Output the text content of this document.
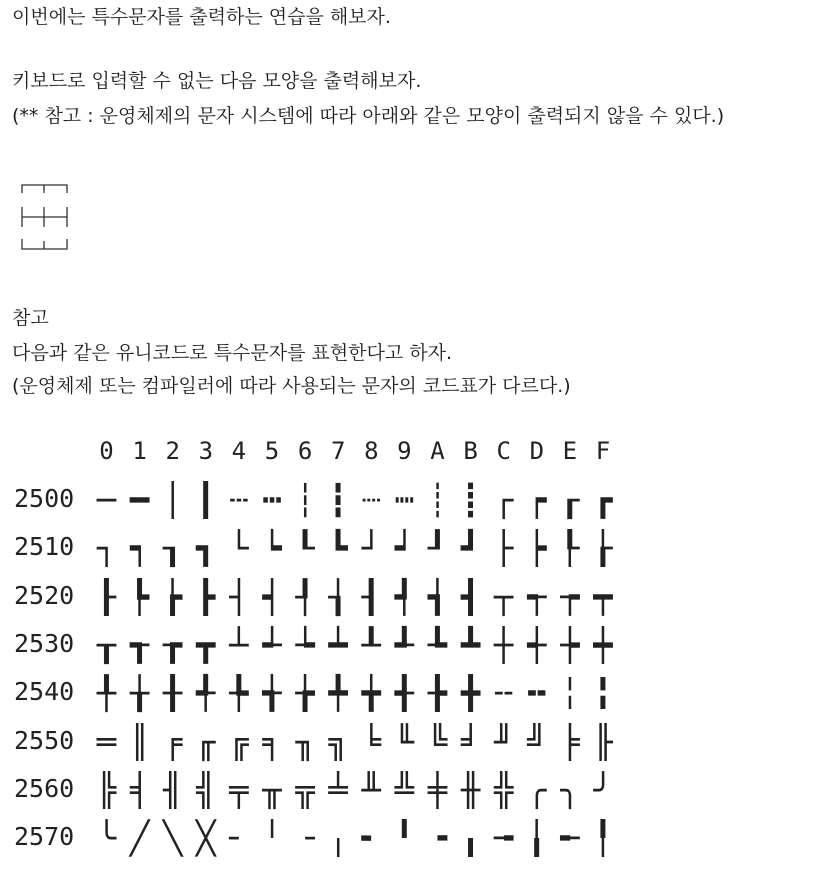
이번에는 특수문자를 출력하는 연습을 해보자.
키보드로 입력할 수 없는 다음 모양을 출력해보자.
(** 참고 : 운영체제의 문자 시스템에 따라 아래와 같은 모양이 출력되지 않을 수 있다.)
참고
다음과 같은 유니코드로 특수문자를 표현한다고 하자.
(운영체제 또는 컴파일러에 따라 사용되는 문자의 코드표가 다르다.)
0 1 2 3 4 5 6 7 8 9 A B C D E F
2500 ─ ━ │ ┃ ┄ ┅ ┆ ┇ ┈ ┉ ┊ ┋ ┌ ┍ ┎ ┏
2510 ┐ ┑ ┒ ┓ └ ┕ ┖ ┗ ┘ ┙ ┚ ┛ ├ ┝ ┞ ┟
2520 ┠ ┡ ┢ ┣ ┤ ┥ ┦ ┧ ┨ ┩ ┪ ┫ ┬ ┭ ┮ ┯
2530 ┰ ┱ ┲ ┳ ┴ ┵ ┶ ┷ ┸ ┹ ┺ ┻ ┼ ┽ ┾ ┿
2540 ╀ ╁ ╂ ╃ ╄ ╅ ╆ ╇ ╈ ╉ ╊ ╋ ╌ ╍ ╎ ╏
2550 ═ ║ ╒ ╓ ╔ ╕ ╖ ╗ ╘ ╙ ╚ ╛ ╜ ╝ ╞ ╟
2560 ╠ ╡ ╢ ╣ ╤ ╥ ╦ ╧ ╨ ╩ ╪ ╫ ╬ ╭ ╮ ╯
2570 ╰ ╱ ╲ ╳ ╴ ╵ ╶ ╷ ╸ ╹ ╺ ╻ ╼ ╽ ╾ ╿
